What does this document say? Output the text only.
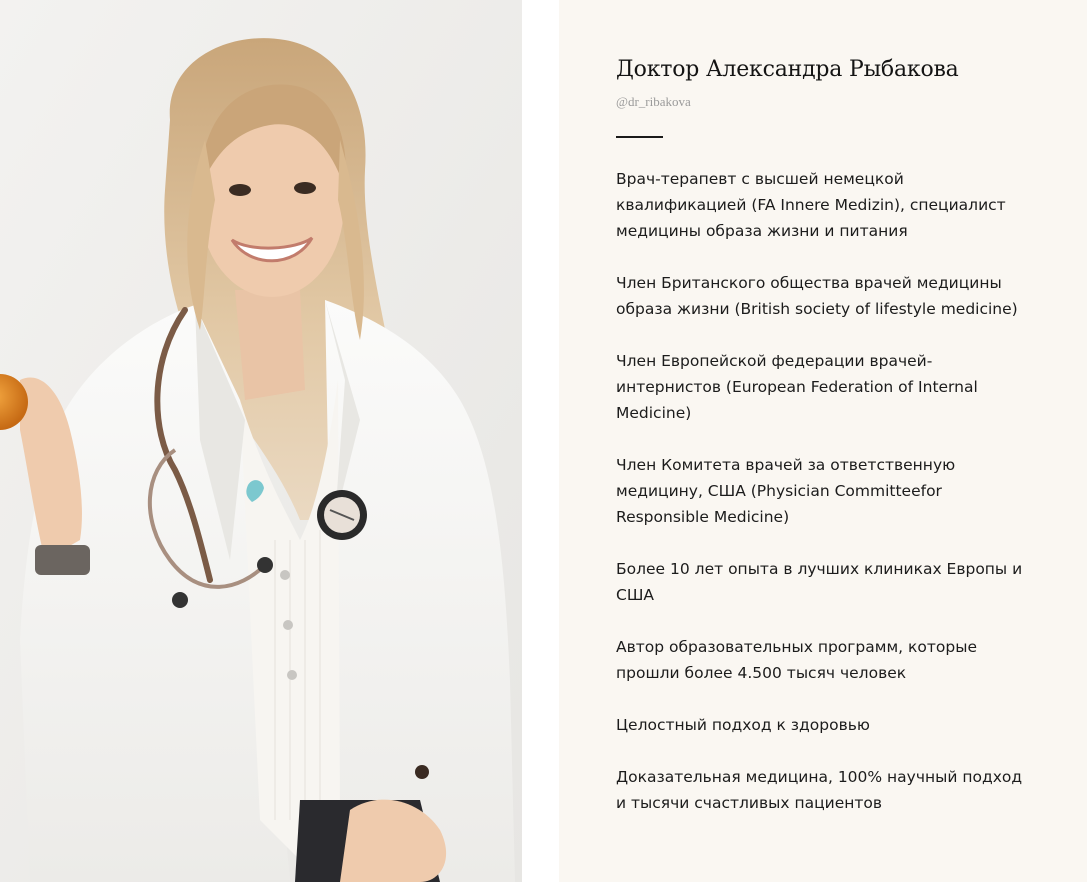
Доктор Александра Рыбакова
@dr_ribakova
Врач-терапевт с высшей немецкой квалификацией (FA Innere Medizin), специалист медицины образа жизни и питания
Член Британского общества врачей медицины образа жизни (British society of lifestyle medicine)
Член Европейской федерации врачей-интернистов (European Federation of Internal Medicine)
Член Комитета врачей за ответственную медицину, США (Physician Committeefor Responsible Medicine)
Более 10 лет опыта в лучших клиниках Европы и США
Автор образовательных программ, которые прошли более 4.500 тысяч человек
Целостный подход к здоровью
Доказательная медицина, 100% научный подход и тысячи счастливых пациентов
